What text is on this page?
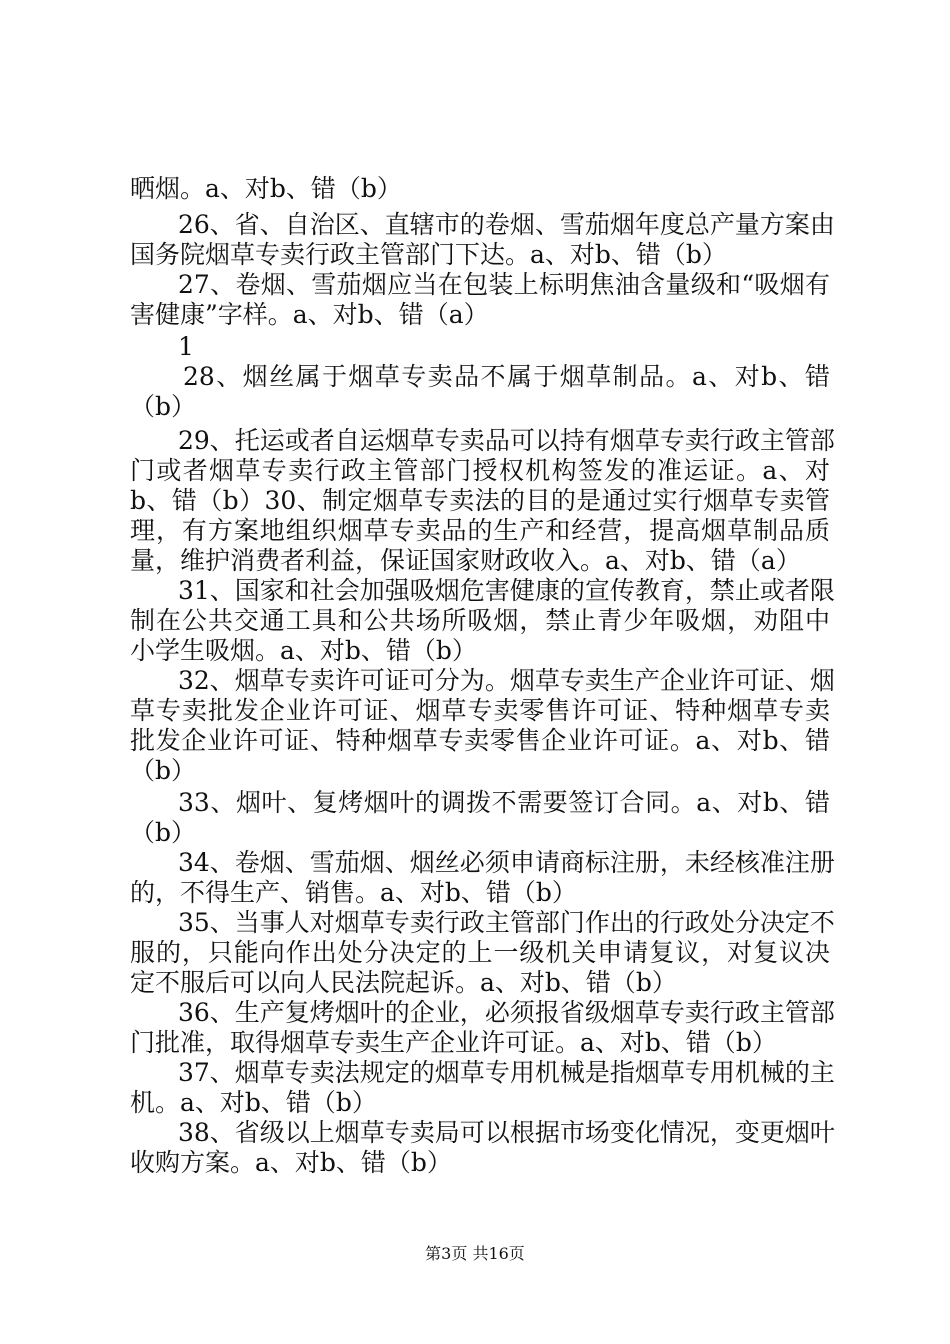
晒烟。a、对b、错（b）
26、省、自治区、直辖市的卷烟、雪茄烟年度总产量方案由
国务院烟草专卖行政主管部门下达。a、对b、错（b）
27、卷烟、雪茄烟应当在包装上标明焦油含量级和“吸烟有
害健康”字样。a、对b、错（a）
1
28、烟丝属于烟草专卖品不属于烟草制品。a、对b、错
（b）
29、托运或者自运烟草专卖品可以持有烟草专卖行政主管部
门或者烟草专卖行政主管部门授权机构签发的准运证。a、对
b、错（b）30、制定烟草专卖法的目的是通过实行烟草专卖管
理，有方案地组织烟草专卖品的生产和经营，提高烟草制品质
量，维护消费者利益，保证国家财政收入。a、对b、错（a）
31、国家和社会加强吸烟危害健康的宣传教育，禁止或者限
制在公共交通工具和公共场所吸烟，禁止青少年吸烟，劝阻中
小学生吸烟。a、对b、错（b）
32、烟草专卖许可证可分为。烟草专卖生产企业许可证、烟
草专卖批发企业许可证、烟草专卖零售许可证、特种烟草专卖
批发企业许可证、特种烟草专卖零售企业许可证。a、对b、错
（b）
33、烟叶、复烤烟叶的调拨不需要签订合同。a、对b、错
（b）
34、卷烟、雪茄烟、烟丝必须申请商标注册，未经核准注册
的，不得生产、销售。a、对b、错（b）
35、当事人对烟草专卖行政主管部门作出的行政处分决定不
服的，只能向作出处分决定的上一级机关申请复议，对复议决
定不服后可以向人民法院起诉。a、对b、错（b）
36、生产复烤烟叶的企业，必须报省级烟草专卖行政主管部
门批准，取得烟草专卖生产企业许可证。a、对b、错（b）
37、烟草专卖法规定的烟草专用机械是指烟草专用机械的主
机。a、对b、错（b）
38、省级以上烟草专卖局可以根据市场变化情况，变更烟叶
收购方案。a、对b、错（b）
第3页 共16页
